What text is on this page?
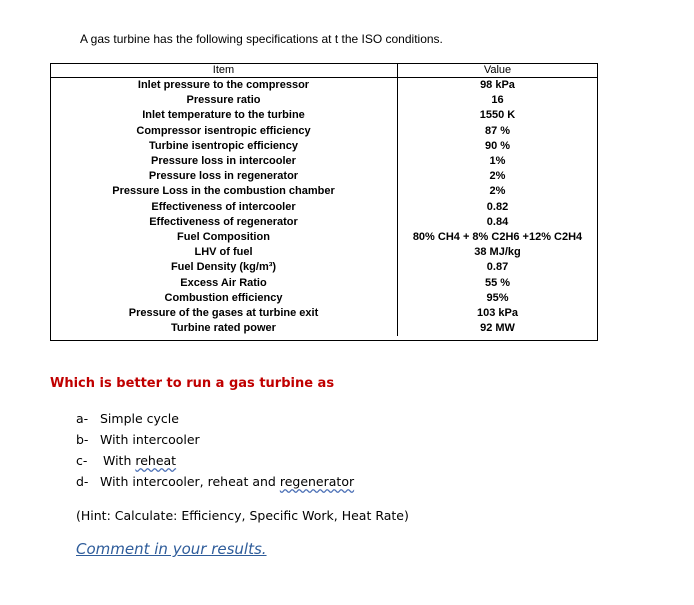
A gas turbine has the following specifications at t the ISO conditions.
Item	Value
Inlet pressure to the compressor	98 kPa
Pressure ratio	16
Inlet temperature to the turbine	1550 K
Compressor isentropic efficiency	87 %
Turbine isentropic efficiency	90 %
Pressure loss in intercooler	1%
Pressure loss in regenerator	2%
Pressure Loss in the combustion chamber	2%
Effectiveness of intercooler	0.82
Effectiveness of regenerator	0.84
Fuel Composition	80% CH4 + 8% C2H6 +12% C2H4
LHV of fuel	38 MJ/kg
Fuel Density (kg/m³)	0.87
Excess Air Ratio	55 %
Combustion efficiency	95%
Pressure of the gases at turbine exit	103 kPa
Turbine rated power	92 MW
Which is better to run a gas turbine as
a- Simple cycle
b- With intercooler
c- With reheat
d- With intercooler, reheat and regenerator
(Hint: Calculate: Efficiency, Specific Work, Heat Rate)
Comment in your results.
